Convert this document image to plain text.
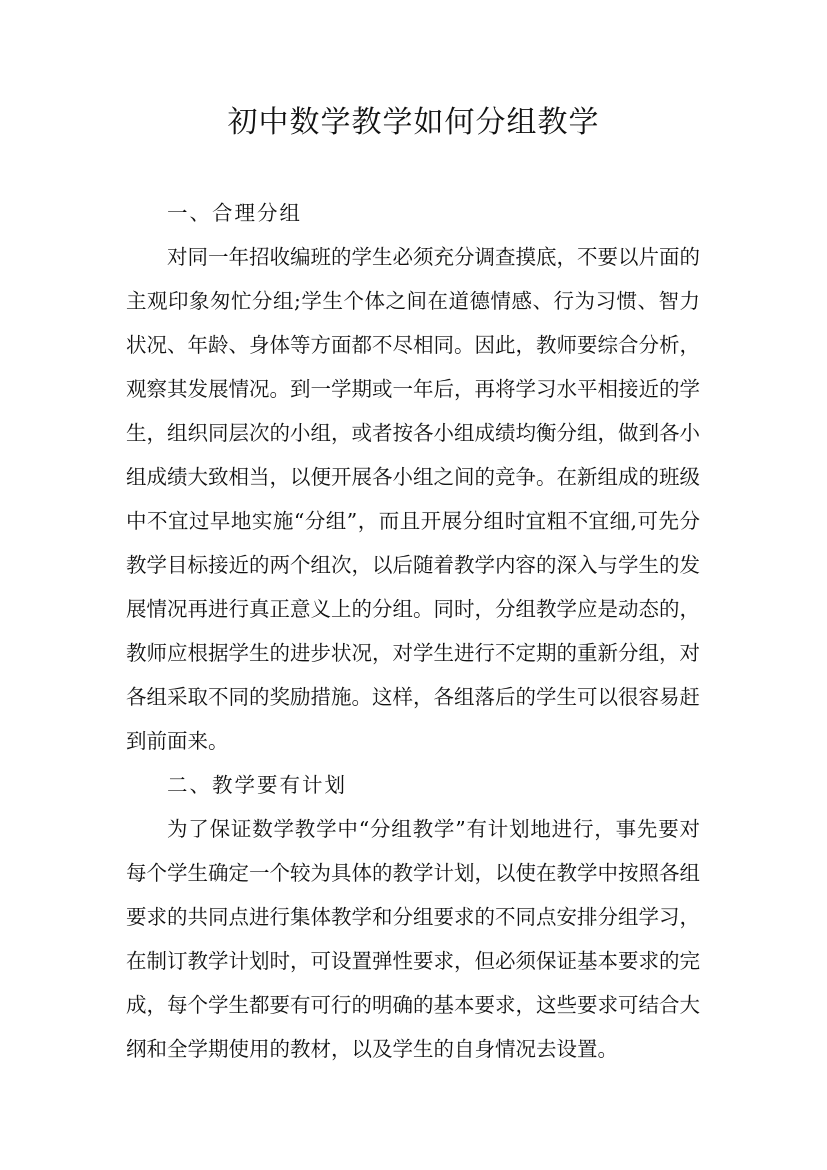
初中数学教学如何分组教学

一、合理分组

对同一年招收编班的学生必须充分调查摸底，不要以片面的主观印象匆忙分组;学生个体之间在道德情感、行为习惯、智力状况、年龄、身体等方面都不尽相同。因此，教师要综合分析，观察其发展情况。到一学期或一年后，再将学习水平相接近的学生，组织同层次的小组，或者按各小组成绩均衡分组，做到各小组成绩大致相当，以便开展各小组之间的竞争。在新组成的班级中不宜过早地实施“分组”，而且开展分组时宜粗不宜细,可先分教学目标接近的两个组次，以后随着教学内容的深入与学生的发展情况再进行真正意义上的分组。同时，分组教学应是动态的，教师应根据学生的进步状况，对学生进行不定期的重新分组，对各组采取不同的奖励措施。这样，各组落后的学生可以很容易赶到前面来。

二、教学要有计划

为了保证数学教学中“分组教学”有计划地进行，事先要对每个学生确定一个较为具体的教学计划，以使在教学中按照各组要求的共同点进行集体教学和分组要求的不同点安排分组学习，在制订教学计划时，可设置弹性要求，但必须保证基本要求的完成，每个学生都要有可行的明确的基本要求，这些要求可结合大纲和全学期使用的教材，以及学生的自身情况去设置。
